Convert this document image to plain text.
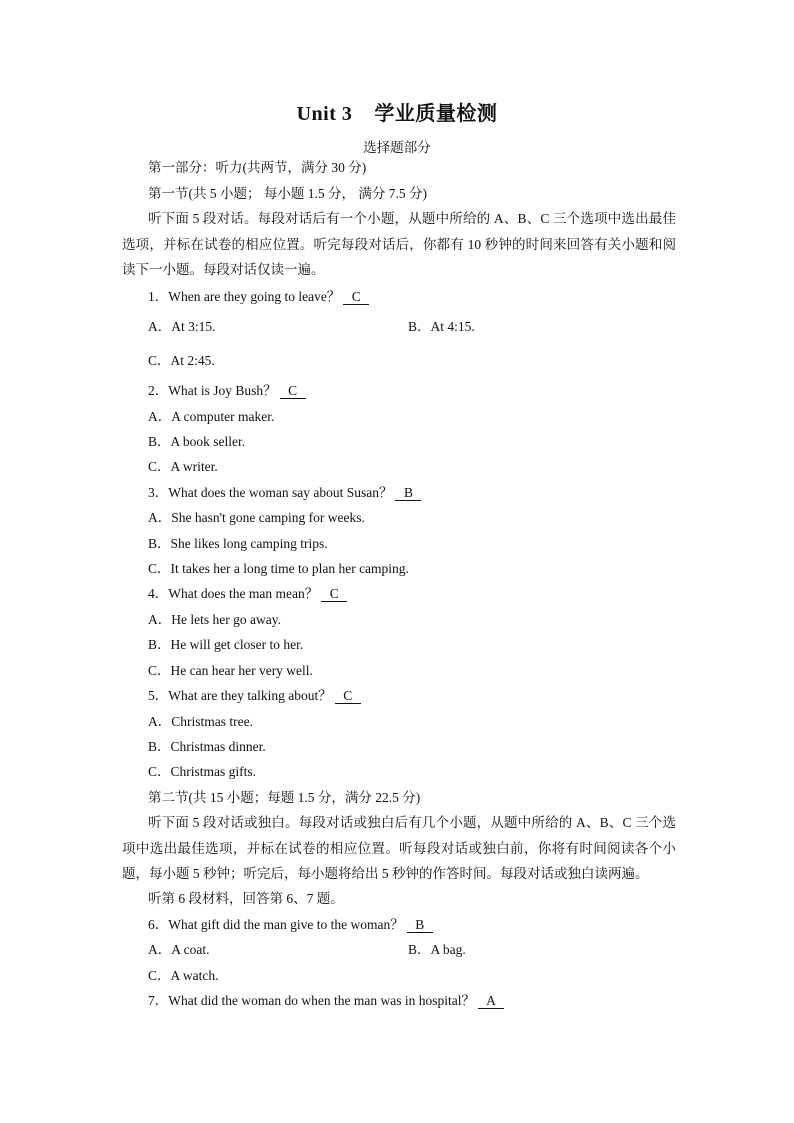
Unit 3 学业质量检测
选择题部分
第一部分：听力(共两节，满分 30 分)
第一节(共 5 小题； 每小题 1.5 分， 满分 7.5 分)
听下面 5 段对话。每段对话后有一个小题，从题中所给的 A、B、C 三个选项中选出最佳选项，并标在试卷的相应位置。听完每段对话后，你都有 10 秒钟的时间来回答有关小题和阅读下一小题。每段对话仅读一遍。
1．When are they going to leave？ C
A．At 3:15.	B．At 4:15.
C．At 2:45.
2．What is Joy Bush？ C
A．A computer maker.
B．A book seller.
C．A writer.
3．What does the woman say about Susan？ B
A．She hasn't gone camping for weeks.
B．She likes long camping trips.
C．It takes her a long time to plan her camping.
4．What does the man mean？ C
A．He lets her go away.
B．He will get closer to her.
C．He can hear her very well.
5．What are they talking about？ C
A．Christmas tree.
B．Christmas dinner.
C．Christmas gifts.
第二节(共 15 小题；每题 1.5 分，满分 22.5 分)
听下面 5 段对话或独白。每段对话或独白后有几个小题，从题中所给的 A、B、C 三个选项中选出最佳选项，并标在试卷的相应位置。听每段对话或独白前，你将有时间阅读各个小题，每小题 5 秒钟；听完后，每小题将给出 5 秒钟的作答时间。每段对话或独白读两遍。
听第 6 段材料，回答第 6、7 题。
6．What gift did the man give to the woman？ B
A．A coat.	B．A bag.
C．A watch.
7．What did the woman do when the man was in hospital？ A
